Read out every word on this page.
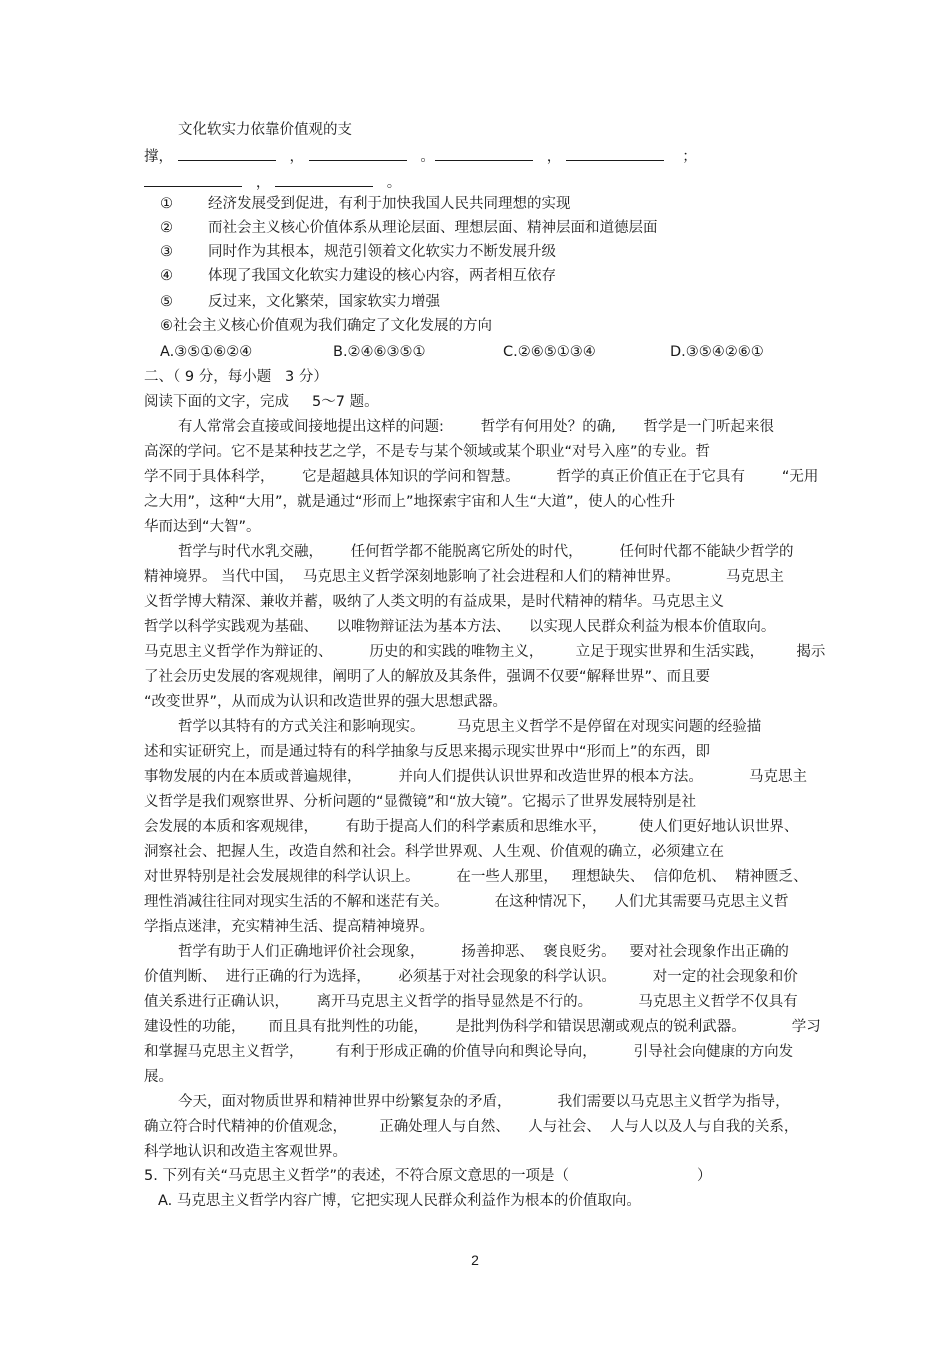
文化软实力依靠价值观的支
撑，	，	。	，	；
，	。
① 经济发展受到促进，有利于加快我国人民共同理想的实现
② 而社会主义核心价值体系从理论层面、理想层面、精神层面和道德层面
③ 同时作为其根本，规范引领着文化软实力不断发展升级
④ 体现了我国文化软实力建设的核心内容，两者相互依存
⑤ 反过来，文化繁荣，国家软实力增强
⑥社会主义核心价值观为我们确定了文化发展的方向
A.③⑤①⑥②④	B.②④⑥③⑤①	C.②⑥⑤①③④	D.③⑤④②⑥①
二、（ 9 分，每小题   3 分）
阅读下面的文字，完成     5～7 题。
有人常常会直接或间接地提出这样的问题:        哲学有何用处？的确,      哲学是一门听起来很
高深的学问。它不是某种技艺之学，不是专与某个领域或某个职业“对号入座”的专业。哲
学不同于具体科学，      它是超越具体知识的学问和智慧。        哲学的真正价值正在于它具有        “无用
之大用”，这种“大用”，就是通过“形而上”地探索宇宙和人生“大道”，使人的心性升
华而达到“大智”。
哲学与时代水乳交融，      任何哲学都不能脱离它所处的时代，        任何时代都不能缺少哲学的
精神境界。 当代中国，  马克思主义哲学深刻地影响了社会进程和人们的精神世界。          马克思主
义哲学博大精深、兼收并蓄，吸纳了人类文明的有益成果，是时代精神的精华。马克思主义
哲学以科学实践观为基础、    以唯物辩证法为基本方法、    以实现人民群众利益为根本价值取向。
马克思主义哲学作为辩证的、        历史的和实践的唯物主义，       立足于现实世界和生活实践，       揭示
了社会历史发展的客观规律，阐明了人的解放及其条件，强调不仅要“解释世界”、而且要
“改变世界”，从而成为认识和改造世界的强大思想武器。
哲学以其特有的方式关注和影响现实。       马克思主义哲学不是停留在对现实问题的经验描
述和实证研究上，而是通过特有的科学抽象与反思来揭示现实世界中“形而上”的东西，即
事物发展的内在本质或普遍规律，        并向人们提供认识世界和改造世界的根本方法。          马克思主
义哲学是我们观察世界、分析问题的“显微镜”和“放大镜”。它揭示了世界发展特别是社
会发展的本质和客观规律，      有助于提高人们的科学素质和思维水平，       使人们更好地认识世界、
洞察社会、把握人生，改造自然和社会。科学世界观、人生观、价值观的确立，必须建立在
对世界特别是社会发展规律的科学认识上。        在一些人那里，   理想缺失、  信仰危机、  精神匮乏、
理性消减往往同对现实生活的不解和迷茫有关。          在这种情况下，    人们尤其需要马克思主义哲
学指点迷津，充实精神生活、提高精神境界。
哲学有助于人们正确地评价社会现象，        扬善抑恶、  褒良贬劣。   要对社会现象作出正确的
价值判断、  进行正确的行为选择，      必须基于对社会现象的科学认识。        对一定的社会现象和价
值关系进行正确认识，      离开马克思主义哲学的指导显然是不行的。          马克思主义哲学不仅具有
建设性的功能，     而且具有批判性的功能，      是批判伪科学和错误思潮或观点的锐利武器。          学习
和掌握马克思主义哲学，       有利于形成正确的价值导向和舆论导向，        引导社会向健康的方向发
展。
今天，面对物质世界和精神世界中纷繁复杂的矛盾，          我们需要以马克思主义哲学为指导，
确立符合时代精神的价值观念，       正确处理人与自然、    人与社会、  人与人以及人与自我的关系，
科学地认识和改造主客观世界。
5. 下列有关“马克思主义哲学”的表述，不符合原文意思的一项是（	）
A. 马克思主义哲学内容广博，它把实现人民群众利益作为根本的价值取向。
2
